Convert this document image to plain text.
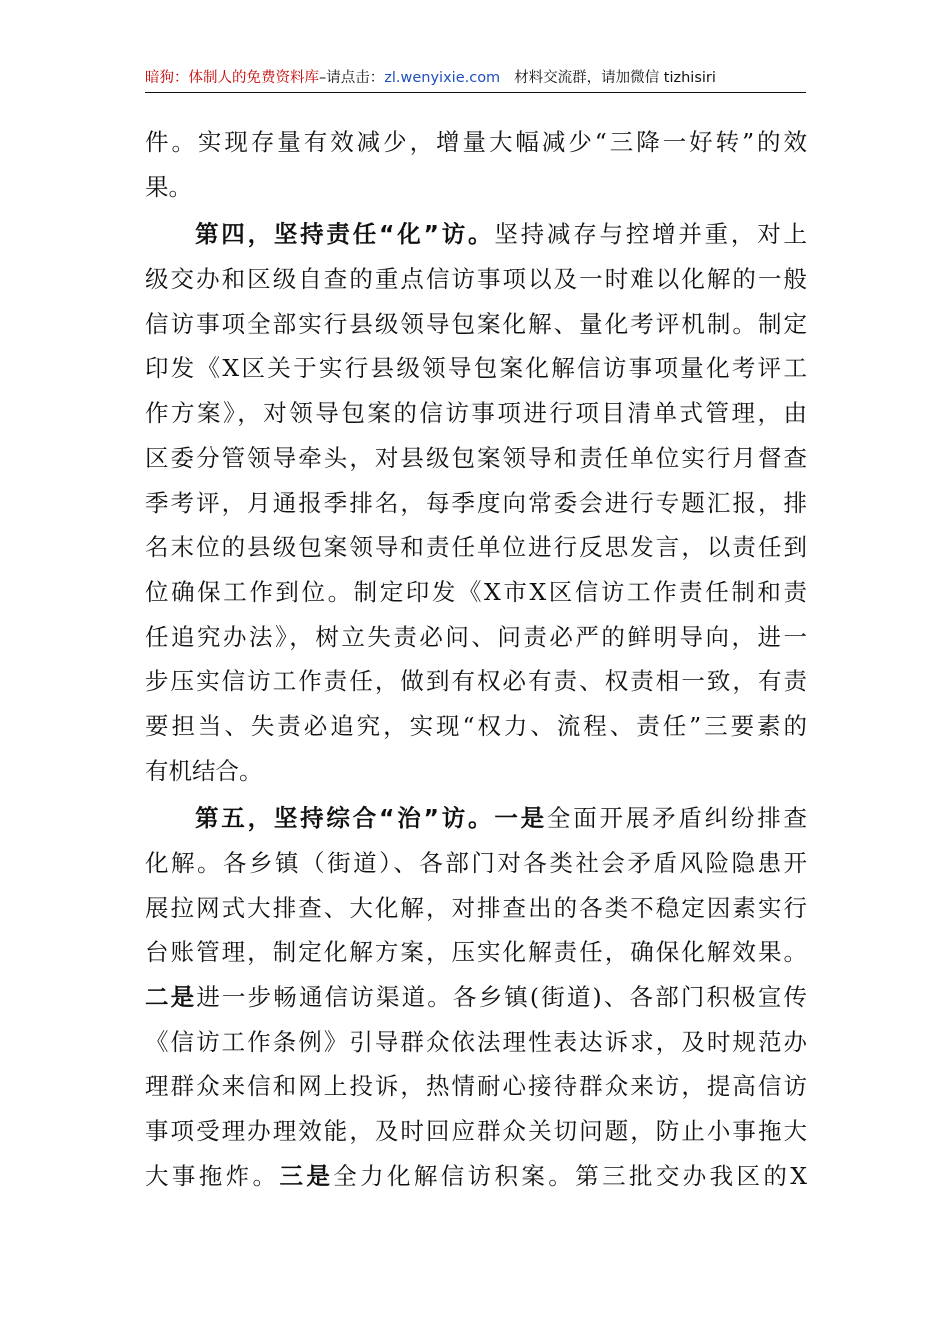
暗狗：体制人的免费资料库–请点击：zl.wenyixie.com 材料交流群，请加微信 tizhisiri
件。实现存量有效减少，增量大幅减少“三降一好转”的效
果。
第四，坚持责任“化”访。坚持减存与控增并重，对上
级交办和区级自查的重点信访事项以及一时难以化解的一般
信访事项全部实行县级领导包案化解、量化考评机制。制定
印发《X区关于实行县级领导包案化解信访事项量化考评工
作方案》，对领导包案的信访事项进行项目清单式管理，由
区委分管领导牵头，对县级包案领导和责任单位实行月督查
季考评，月通报季排名，每季度向常委会进行专题汇报，排
名末位的县级包案领导和责任单位进行反思发言，以责任到
位确保工作到位。制定印发《X市X区信访工作责任制和责
任追究办法》，树立失责必问、问责必严的鲜明导向，进一
步压实信访工作责任，做到有权必有责、权责相一致，有责
要担当、失责必追究，实现“权力、流程、责任”三要素的
有机结合。
第五，坚持综合“治”访。一是全面开展矛盾纠纷排查
化解。各乡镇（街道）、各部门对各类社会矛盾风险隐患开
展拉网式大排查、大化解，对排查出的各类不稳定因素实行
台账管理，制定化解方案，压实化解责任，确保化解效果。
二是进一步畅通信访渠道。各乡镇(街道)、各部门积极宣传
《信访工作条例》引导群众依法理性表达诉求，及时规范办
理群众来信和网上投诉，热情耐心接待群众来访，提高信访
事项受理办理效能，及时回应群众关切问题，防止小事拖大
大事拖炸。三是全力化解信访积案。第三批交办我区的X
